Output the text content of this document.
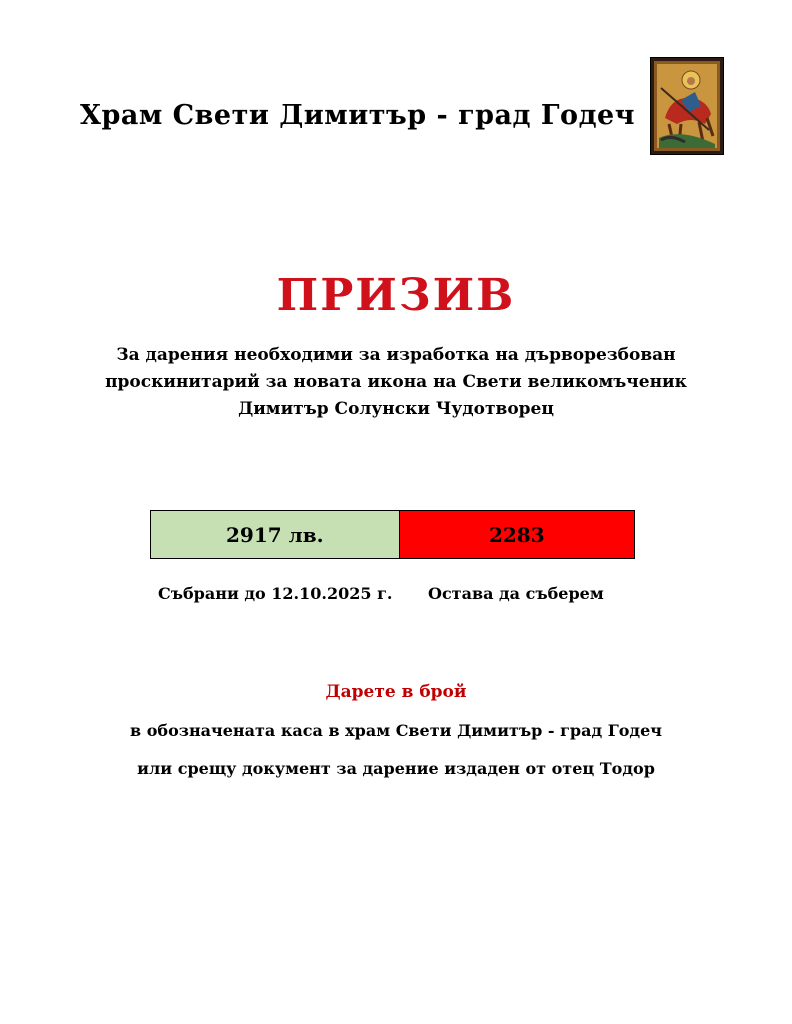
Храм Свети Димитър - град Годеч
ПРИЗИВ
За дарения необходими за изработка на дърворезбован
проскинитарий за новата икона на Свети великомъченик
Димитър Солунски Чудотворец
2917 лв.	2283
Събрани до 12.10.2025 г. Остава да съберем
Дарете в брой
в обозначената каса в храм Свети Димитър - град Годеч
или срещу документ за дарение издаден от отец Тодор
